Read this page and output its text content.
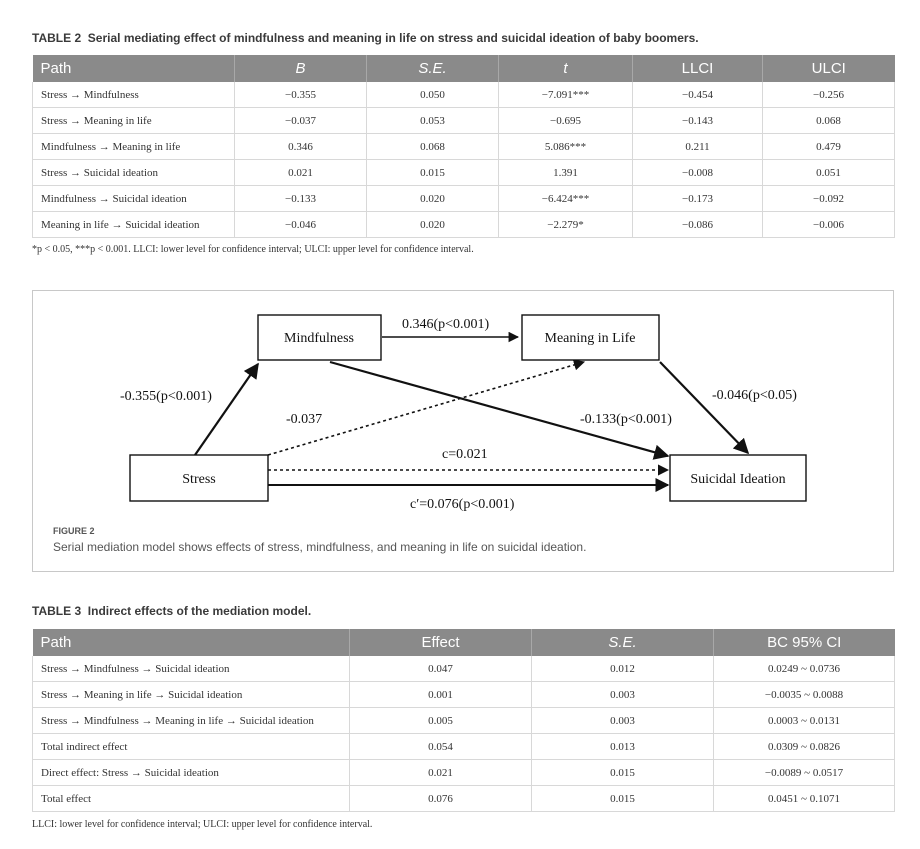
TABLE 2 Serial mediating effect of mindfulness and meaning in life on stress and suicidal ideation of baby boomers.
Path	B	S.E.	t	LLCI	ULCI
Stress → Mindfulness	−0.355	0.050	−7.091***	−0.454	−0.256
Stress → Meaning in life	−0.037	0.053	−0.695	−0.143	0.068
Mindfulness → Meaning in life	0.346	0.068	5.086***	0.211	0.479
Stress → Suicidal ideation	0.021	0.015	1.391	−0.008	0.051
Mindfulness → Suicidal ideation	−0.133	0.020	−6.424***	−0.173	−0.092
Meaning in life → Suicidal ideation	−0.046	0.020	−2.279*	−0.086	−0.006
*p < 0.05, ***p < 0.001. LLCI: lower level for confidence interval; ULCI: upper level for confidence interval.
Mindfulness	Meaning in Life
Stress	Suicidal Ideation
-0.355(p<0.001)
0.346(p<0.001)
-0.046(p<0.05)
-0.133(p<0.001)
-0.037
c=0.021
c′=0.076(p<0.001)
FIGURE 2
Serial mediation model shows effects of stress, mindfulness, and meaning in life on suicidal ideation.
TABLE 3 Indirect effects of the mediation model.
Path	Effect	S.E.	BC 95% CI
Stress → Mindfulness → Suicidal ideation	0.047	0.012	0.0249 ~ 0.0736
Stress → Meaning in life → Suicidal ideation	0.001	0.003	−0.0035 ~ 0.0088
Stress → Mindfulness → Meaning in life → Suicidal ideation	0.005	0.003	0.0003 ~ 0.0131
Total indirect effect	0.054	0.013	0.0309 ~ 0.0826
Direct effect: Stress → Suicidal ideation	0.021	0.015	−0.0089 ~ 0.0517
Total effect	0.076	0.015	0.0451 ~ 0.1071
LLCI: lower level for confidence interval; ULCI: upper level for confidence interval.
